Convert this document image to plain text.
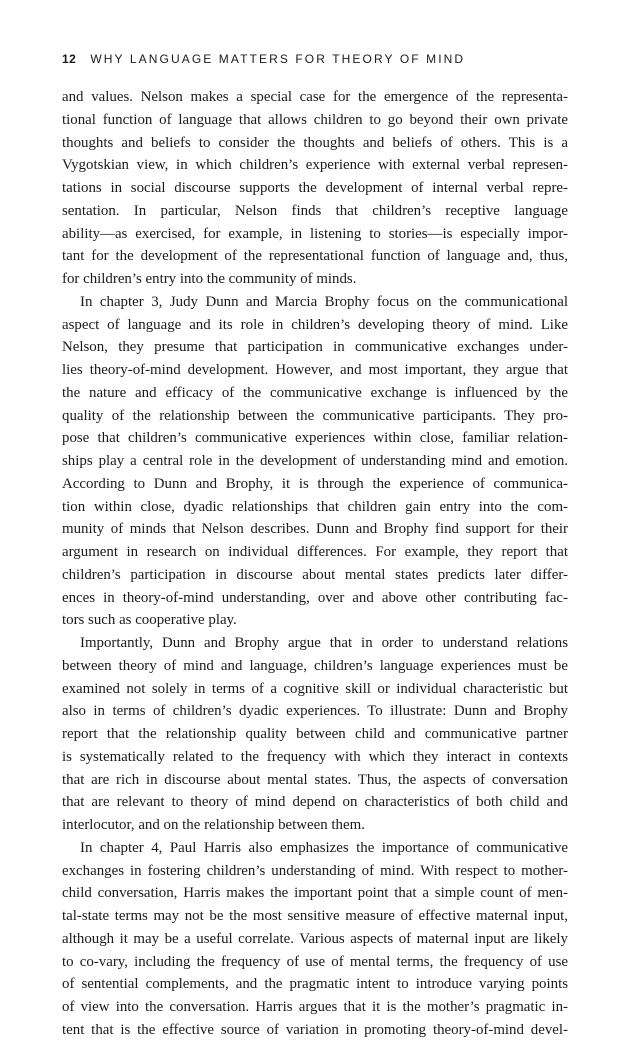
12 WHY LANGUAGE MATTERS FOR THEORY OF MIND
and values. Nelson makes a special case for the emergence of the representa-
tional function of language that allows children to go beyond their own private
thoughts and beliefs to consider the thoughts and beliefs of others. This is a
Vygotskian view, in which children’s experience with external verbal represen-
tations in social discourse supports the development of internal verbal repre-
sentation. In particular, Nelson finds that children’s receptive language
ability—as exercised, for example, in listening to stories—is especially impor-
tant for the development of the representational function of language and, thus,
for children’s entry into the community of minds.
In chapter 3, Judy Dunn and Marcia Brophy focus on the communicational
aspect of language and its role in children’s developing theory of mind. Like
Nelson, they presume that participation in communicative exchanges under-
lies theory-of-mind development. However, and most important, they argue that
the nature and efficacy of the communicative exchange is influenced by the
quality of the relationship between the communicative participants. They pro-
pose that children’s communicative experiences within close, familiar relation-
ships play a central role in the development of understanding mind and emotion.
According to Dunn and Brophy, it is through the experience of communica-
tion within close, dyadic relationships that children gain entry into the com-
munity of minds that Nelson describes. Dunn and Brophy find support for their
argument in research on individual differences. For example, they report that
children’s participation in discourse about mental states predicts later differ-
ences in theory-of-mind understanding, over and above other contributing fac-
tors such as cooperative play.
Importantly, Dunn and Brophy argue that in order to understand relations
between theory of mind and language, children’s language experiences must be
examined not solely in terms of a cognitive skill or individual characteristic but
also in terms of children’s dyadic experiences. To illustrate: Dunn and Brophy
report that the relationship quality between child and communicative partner
is systematically related to the frequency with which they interact in contexts
that are rich in discourse about mental states. Thus, the aspects of conversation
that are relevant to theory of mind depend on characteristics of both child and
interlocutor, and on the relationship between them.
In chapter 4, Paul Harris also emphasizes the importance of communicative
exchanges in fostering children’s understanding of mind. With respect to mother-
child conversation, Harris makes the important point that a simple count of men-
tal-state terms may not be the most sensitive measure of effective maternal input,
although it may be a useful correlate. Various aspects of maternal input are likely
to co-vary, including the frequency of use of mental terms, the frequency of use
of sentential complements, and the pragmatic intent to introduce varying points
of view into the conversation. Harris argues that it is the mother’s pragmatic in-
tent that is the effective source of variation in promoting theory-of-mind devel-
